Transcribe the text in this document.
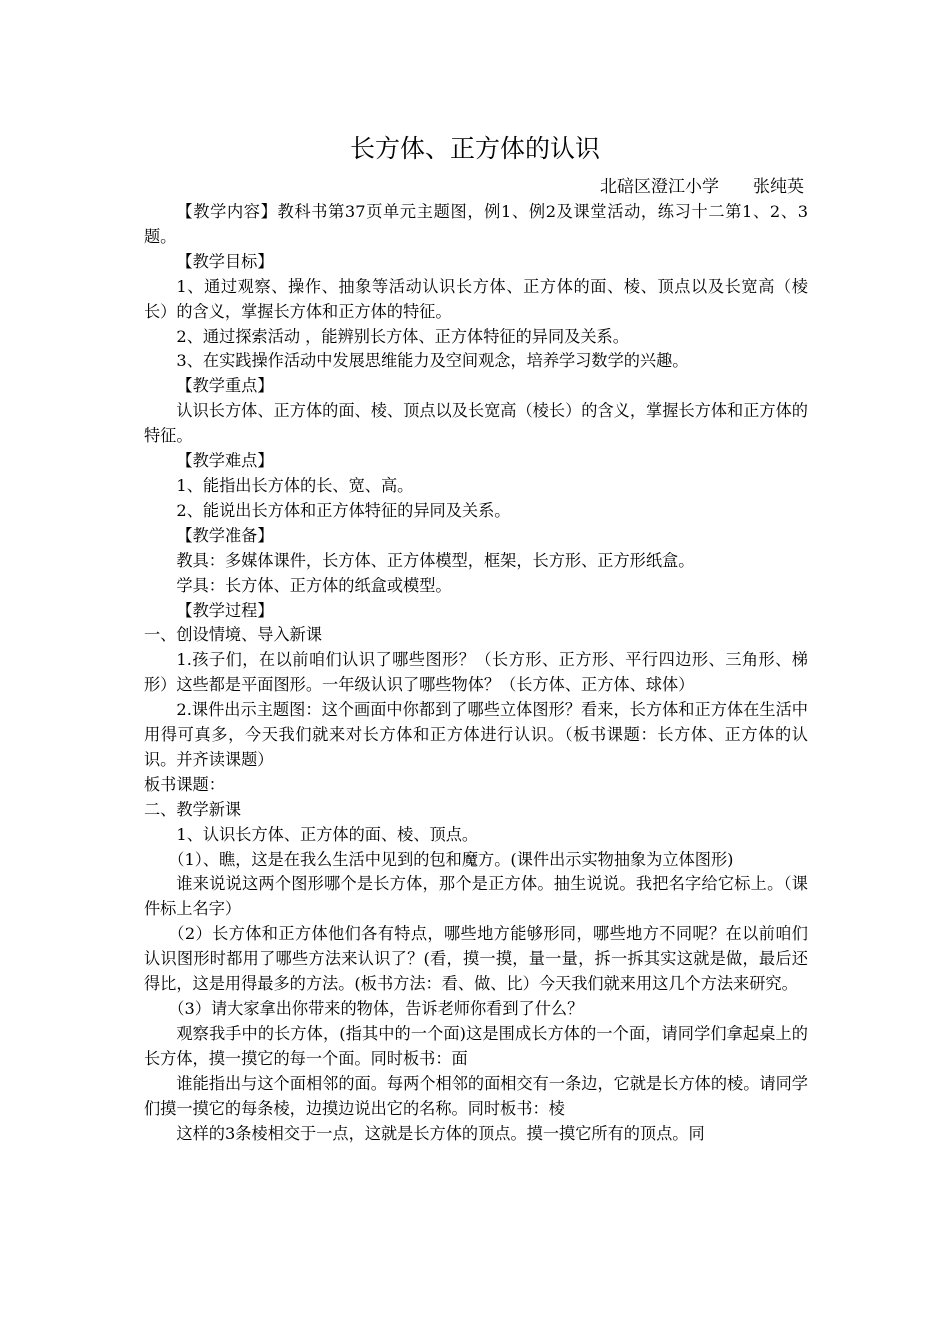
长方体、正方体的认识
北碚区澄江小学　　张纯英

【教学内容】教科书第37页单元主题图，例1、例2及课堂活动，练习十二第1、2、3题。

【教学目标】

1、通过观察、操作、抽象等活动认识长方体、正方体的面、棱、顶点以及长宽高（棱长）的含义，掌握长方体和正方体的特征。

2、通过探索活动 ，能辨别长方体、正方体特征的异同及关系。

3、在实践操作活动中发展思维能力及空间观念，培养学习数学的兴趣。

【教学重点】

认识长方体、正方体的面、棱、顶点以及长宽高（棱长）的含义，掌握长方体和正方体的特征。

【教学难点】

1、能指出长方体的长、宽、高。

2、能说出长方体和正方体特征的异同及关系。

【教学准备】

教具：多媒体课件，长方体、正方体模型，框架，长方形、正方形纸盒。

学具：长方体、正方体的纸盒或模型。

【教学过程】

一、创设情境、导入新课

1.孩子们，在以前咱们认识了哪些图形？（长方形、正方形、平行四边形、三角形、梯形）这些都是平面图形。一年级认识了哪些物体？（长方体、正方体、球体）

2.课件出示主题图：这个画面中你都到了哪些立体图形？看来，长方体和正方体在生活中用得可真多，今天我们就来对长方体和正方体进行认识。（板书课题：长方体、正方体的认识。并齐读课题）

板书课题：

二、教学新课

1、认识长方体、正方体的面、棱、顶点。

（1）、瞧，这是在我么生活中见到的包和魔方。(课件出示实物抽象为立体图形)

谁来说说这两个图形哪个是长方体，那个是正方体。抽生说说。我把名字给它标上。（课件标上名字）

（2）长方体和正方体他们各有特点，哪些地方能够形同，哪些地方不同呢？在以前咱们认识图形时都用了哪些方法来认识了？(看，摸一摸，量一量，拆一拆其实这就是做，最后还得比，这是用得最多的方法。(板书方法：看、做、比）今天我们就来用这几个方法来研究。

（3）请大家拿出你带来的物体，告诉老师你看到了什么？

观察我手中的长方体，(指其中的一个面)这是围成长方体的一个面，请同学们拿起桌上的长方体，摸一摸它的每一个面。同时板书：面

谁能指出与这个面相邻的面。每两个相邻的面相交有一条边，它就是长方体的棱。请同学们摸一摸它的每条棱，边摸边说出它的名称。同时板书：棱

这样的3条棱相交于一点，这就是长方体的顶点。摸一摸它所有的顶点。同
